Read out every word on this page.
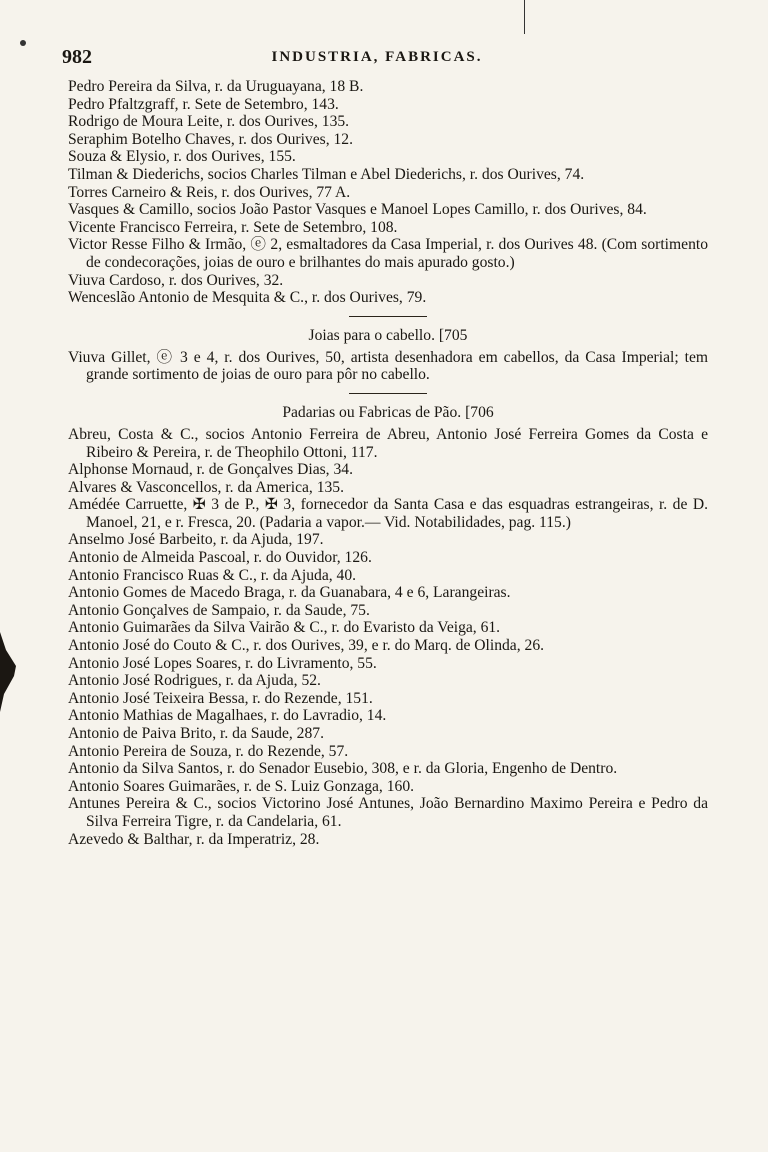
982	INDUSTRIA, FABRICAS.

Pedro Pereira da Silva, r. da Uruguayana, 18 B.

Pedro Pfaltzgraff, r. Sete de Setembro, 143.

Rodrigo de Moura Leite, r. dos Ourives, 135.

Seraphim Botelho Chaves, r. dos Ourives, 12.

Souza & Elysio, r. dos Ourives, 155.

Tilman & Diederichs, socios Charles Tilman e Abel Diederichs, r. dos Ourives, 74.

Torres Carneiro & Reis, r. dos Ourives, 77 A.

Vasques & Camillo, socios João Pastor Vasques e Manoel Lopes Camillo, r. dos Ourives, 84.

Vicente Francisco Ferreira, r. Sete de Setembro, 108.

Victor Resse Filho & Irmão, ⓔ 2, esmaltadores da Casa Imperial, r. dos Ourives 48. (Com sortimento de condecorações, joias de ouro e brilhantes do mais apurado gosto.)

Viuva Cardoso, r. dos Ourives, 32.

Wenceslão Antonio de Mesquita & C., r. dos Ourives, 79.

Joias para o cabello. [705

Viuva Gillet, ⓔ 3 e 4, r. dos Ourives, 50, artista desenhadora em cabellos, da Casa Imperial; tem grande sortimento de joias de ouro para pôr no cabello.

Padarias ou Fabricas de Pão. [706

Abreu, Costa & C., socios Antonio Ferreira de Abreu, Antonio José Ferreira Gomes da Costa e Ribeiro & Pereira, r. de Theophilo Ottoni, 117.

Alphonse Mornaud, r. de Gonçalves Dias, 34.

Alvares & Vasconcellos, r. da America, 135.

Amédée Carruette, ✠ 3 de P., ✠ 3, fornecedor da Santa Casa e das esquadras estrangeiras, r. de D. Manoel, 21, e r. Fresca, 20. (Padaria a vapor.— Vid. Notabilidades, pag. 115.)

Anselmo José Barbeito, r. da Ajuda, 197.

Antonio de Almeida Pascoal, r. do Ouvidor, 126.

Antonio Francisco Ruas & C., r. da Ajuda, 40.

Antonio Gomes de Macedo Braga, r. da Guanabara, 4 e 6, Larangeiras.

Antonio Gonçalves de Sampaio, r. da Saude, 75.

Antonio Guimarães da Silva Vairão & C., r. do Evaristo da Veiga, 61.

Antonio José do Couto & C., r. dos Ourives, 39, e r. do Marq. de Olinda, 26.

Antonio José Lopes Soares, r. do Livramento, 55.

Antonio José Rodrigues, r. da Ajuda, 52.

Antonio José Teixeira Bessa, r. do Rezende, 151.

Antonio Mathias de Magalhaes, r. do Lavradio, 14.

Antonio de Paiva Brito, r. da Saude, 287.

Antonio Pereira de Souza, r. do Rezende, 57.

Antonio da Silva Santos, r. do Senador Eusebio, 308, e r. da Gloria, Engenho de Dentro.

Antonio Soares Guimarães, r. de S. Luiz Gonzaga, 160.

Antunes Pereira & C., socios Victorino José Antunes, João Bernardino Maximo Pereira e Pedro da Silva Ferreira Tigre, r. da Candelaria, 61.

Azevedo & Balthar, r. da Imperatriz, 28.
